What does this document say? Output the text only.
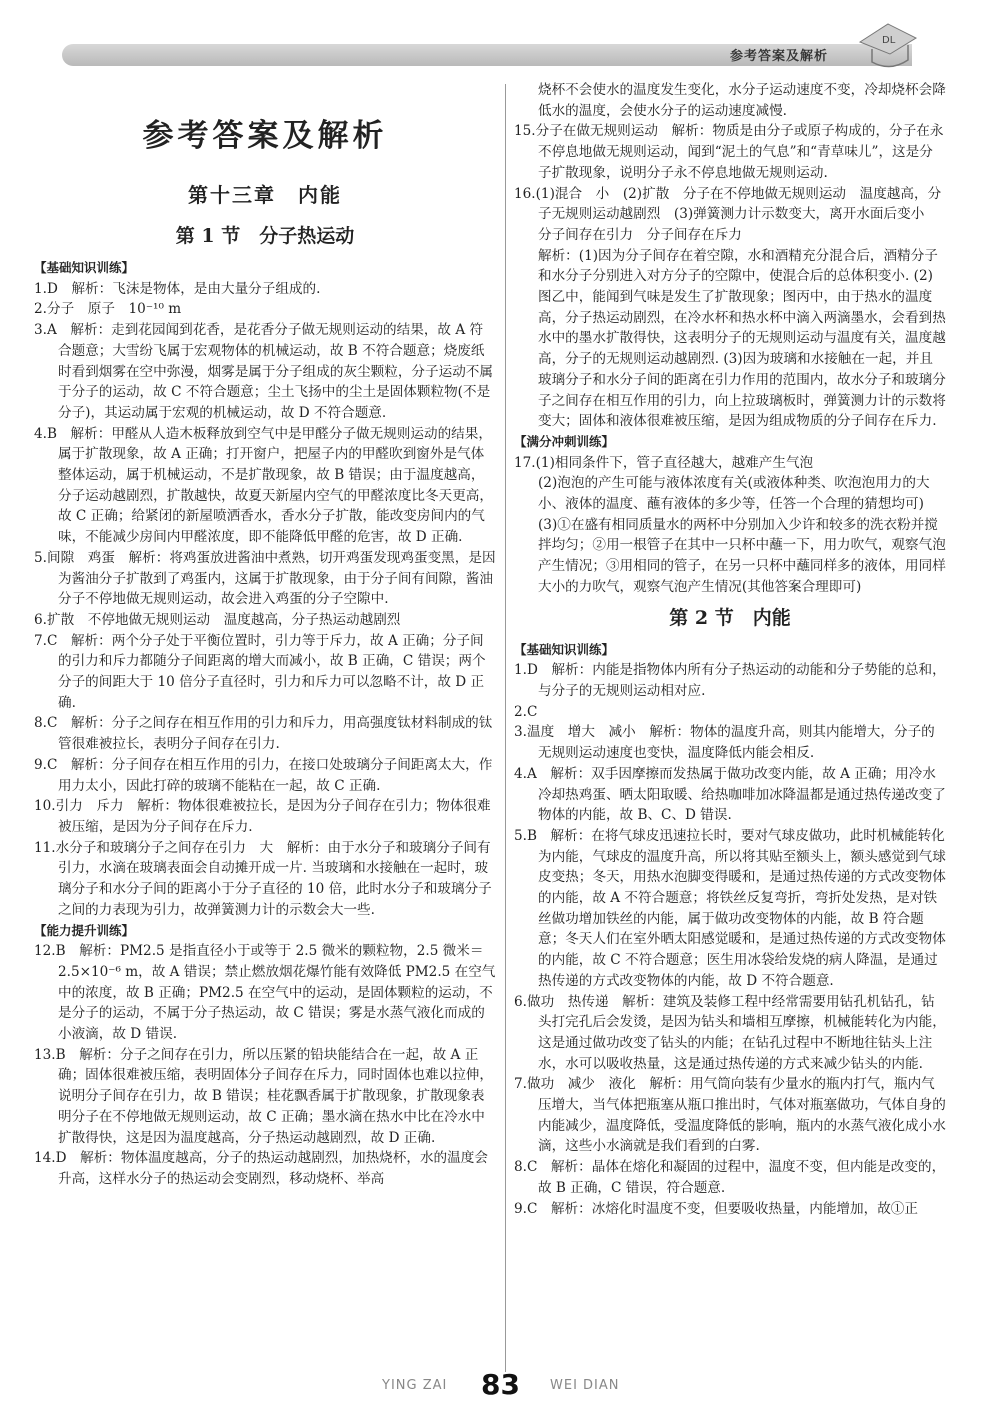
参考答案及解析
DL
参考答案及解析
第十三章　内能
第 1 节　分子热运动

【基础知识训练】

1.D　解析：飞沫是物体，是由大量分子组成的.

2.分子　原子　10⁻¹⁰ m

3.A　解析：走到花园闻到花香，是花香分子做无规则运动的结果，故 A 符合题意；大雪纷飞属于宏观物体的机械运动，故 B 不符合题意；烧废纸时看到烟雾在空中弥漫，烟雾是属于分子组成的灰尘颗粒，分子运动不属于分子的运动，故 C 不符合题意；尘土飞扬中的尘土是固体颗粒物(不是分子)，其运动属于宏观的机械运动，故 D 不符合题意.

4.B　解析：甲醛从人造木板释放到空气中是甲醛分子做无规则运动的结果，属于扩散现象，故 A 正确；打开窗户，把屋子内的甲醛吹到窗外是气体整体运动，属于机械运动，不是扩散现象，故 B 错误；由于温度越高，分子运动越剧烈，扩散越快，故夏天新屋内空气的甲醛浓度比冬天更高，故 C 正确；给紧闭的新屋喷洒香水，香水分子扩散，能改变房间内的气味，不能减少房间内甲醛浓度，即不能降低甲醛的危害，故 D 正确.

5.间隙　鸡蛋　解析：将鸡蛋放进酱油中煮熟，切开鸡蛋发现鸡蛋变黑，是因为酱油分子扩散到了鸡蛋内，这属于扩散现象，由于分子间有间隙，酱油分子不停地做无规则运动，故会进入鸡蛋的分子空隙中.

6.扩散　不停地做无规则运动　温度越高，分子热运动越剧烈

7.C　解析：两个分子处于平衡位置时，引力等于斥力，故 A 正确；分子间的引力和斥力都随分子间距离的增大而减小，故 B 正确，C 错误；两个分子的间距大于 10 倍分子直径时，引力和斥力可以忽略不计，故 D 正确.

8.C　解析：分子之间存在相互作用的引力和斥力，用高强度钛材料制成的钛管很难被拉长，表明分子间存在引力.

9.C　解析：分子间存在相互作用的引力，在接口处玻璃分子间距离太大，作用力太小，因此打碎的玻璃不能粘在一起，故 C 正确.

10.引力　斥力　解析：物体很难被拉长，是因为分子间存在引力；物体很难被压缩，是因为分子间存在斥力.

11.水分子和玻璃分子之间存在引力　大　解析：由于水分子和玻璃分子间有引力，水滴在玻璃表面会自动摊开成一片. 当玻璃和水接触在一起时，玻璃分子和水分子间的距离小于分子直径的 10 倍，此时水分子和玻璃分子之间的力表现为引力，故弹簧测力计的示数会大一些.

【能力提升训练】

12.B　解析：PM2.5 是指直径小于或等于 2.5 微米的颗粒物，2.5 微米＝2.5×10⁻⁶ m，故 A 错误；禁止燃放烟花爆竹能有效降低 PM2.5 在空气中的浓度，故 B 正确；PM2.5 在空气中的运动，是固体颗粒的运动，不是分子的运动，不属于分子热运动，故 C 错误；雾是水蒸气液化而成的小液滴，故 D 错误.

13.B　解析：分子之间存在引力，所以压紧的铅块能结合在一起，故 A 正确；固体很难被压缩，表明固体分子间存在斥力，同时固体也难以拉伸，说明分子间存在引力，故 B 错误；桂花飘香属于扩散现象，扩散现象表明分子在不停地做无规则运动，故 C 正确；墨水滴在热水中比在冷水中扩散得快，这是因为温度越高，分子热运动越剧烈，故 D 正确.

14.D　解析：物体温度越高，分子的热运动越剧烈，加热烧杯，水的温度会升高，这样水分子的热运动会变剧烈，移动烧杯、举高

烧杯不会使水的温度发生变化，水分子运动速度不变，冷却烧杯会降低水的温度，会使水分子的运动速度减慢.

15.分子在做无规则运动　解析：物质是由分子或原子构成的，分子在永不停息地做无规则运动，闻到“泥土的气息”和“青草味儿”，这是分子扩散现象，说明分子永不停息地做无规则运动.

16.(1)混合　小　(2)扩散　分子在不停地做无规则运动　温度越高，分子无规则运动越剧烈　(3)弹簧测力计示数变大，离开水面后变小　分子间存在引力　分子间存在斥力

解析：(1)因为分子间存在着空隙，水和酒精充分混合后，酒精分子和水分子分别进入对方分子的空隙中，使混合后的总体积变小. (2)图乙中，能闻到气味是发生了扩散现象；图丙中，由于热水的温度高，分子热运动剧烈，在冷水杯和热水杯中滴入两滴墨水，会看到热水中的墨水扩散得快，这表明分子的无规则运动与温度有关，温度越高，分子的无规则运动越剧烈. (3)因为玻璃和水接触在一起，并且玻璃分子和水分子间的距离在引力作用的范围内，故水分子和玻璃分子之间存在相互作用的引力，向上拉玻璃板时，弹簧测力计的示数将变大；固体和液体很难被压缩，是因为组成物质的分子间存在斥力.

【满分冲刺训练】

17.(1)相同条件下，管子直径越大，越难产生气泡

(2)泡泡的产生可能与液体浓度有关(或液体种类、吹泡泡用力的大小、液体的温度、蘸有液体的多少等，任答一个合理的猜想均可)

(3)①在盛有相同质量水的两杯中分别加入少许和较多的洗衣粉并搅拌均匀；②用一根管子在其中一只杯中蘸一下，用力吹气，观察气泡产生情况；③用相同的管子，在另一只杯中蘸同样多的液体，用同样大小的力吹气，观察气泡产生情况(其他答案合理即可)

第 2 节　内能

【基础知识训练】

1.D　解析：内能是指物体内所有分子热运动的动能和分子势能的总和，与分子的无规则运动相对应.

2.C

3.温度　增大　减小　解析：物体的温度升高，则其内能增大，分子的无规则运动速度也变快，温度降低内能会相反.

4.A　解析：双手因摩擦而发热属于做功改变内能，故 A 正确；用冷水冷却热鸡蛋、晒太阳取暖、给热咖啡加冰降温都是通过热传递改变了物体的内能，故 B、C、D 错误.

5.B　解析：在将气球皮迅速拉长时，要对气球皮做功，此时机械能转化为内能，气球皮的温度升高，所以将其贴至额头上，额头感觉到气球皮变热；冬天，用热水泡脚变得暖和，是通过热传递的方式改变物体的内能，故 A 不符合题意；将铁丝反复弯折，弯折处发热，是对铁丝做功增加铁丝的内能，属于做功改变物体的内能，故 B 符合题意；冬天人们在室外晒太阳感觉暖和，是通过热传递的方式改变物体的内能，故 C 不符合题意；医生用冰袋给发烧的病人降温，是通过热传递的方式改变物体的内能，故 D 不符合题意.

6.做功　热传递　解析：建筑及装修工程中经常需要用钻孔机钻孔，钻头打完孔后会发烫，是因为钻头和墙相互摩擦，机械能转化为内能，这是通过做功改变了钻头的内能；在钻孔过程中不断地往钻头上注水，水可以吸收热量，这是通过热传递的方式来减少钻头的内能.

7.做功　减少　液化　解析：用气筒向装有少量水的瓶内打气，瓶内气压增大，当气体把瓶塞从瓶口推出时，气体对瓶塞做功，气体自身的内能减少，温度降低，受温度降低的影响，瓶内的水蒸气液化成小水滴，这些小水滴就是我们看到的白雾.

8.C　解析：晶体在熔化和凝固的过程中，温度不变，但内能是改变的，故 B 正确，C 错误，符合题意.

9.C　解析：冰熔化时温度不变，但要吸收热量，内能增加，故①正

YING ZAI 83 WEI DIAN
